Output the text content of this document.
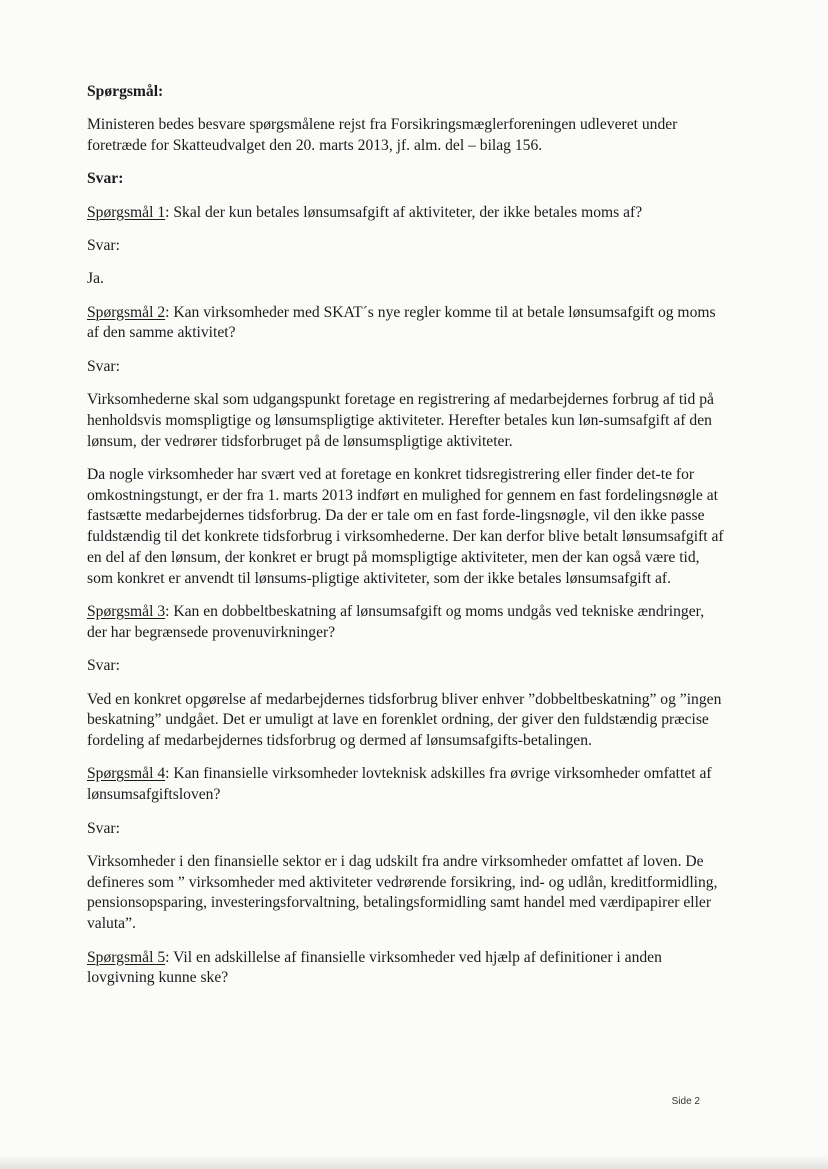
Spørgsmål:

Ministeren bedes besvare spørgsmålene rejst fra Forsikringsmæglerforeningen udleveret under foretræde for Skatteudvalget den 20. marts 2013, jf. alm. del – bilag 156.

Svar:

Spørgsmål 1: Skal der kun betales lønsumsafgift af aktiviteter, der ikke betales moms af?

Svar:

Ja.

Spørgsmål 2: Kan virksomheder med SKAT´s nye regler komme til at betale lønsumsafgift og moms af den samme aktivitet?

Svar:

Virksomhederne skal som udgangspunkt foretage en registrering af medarbejdernes forbrug af tid på henholdsvis momspligtige og lønsumspligtige aktiviteter. Herefter betales kun løn-sumsafgift af den lønsum, der vedrører tidsforbruget på de lønsumspligtige aktiviteter.

Da nogle virksomheder har svært ved at foretage en konkret tidsregistrering eller finder det-te for omkostningstungt, er der fra 1. marts 2013 indført en mulighed for gennem en fast fordelingsnøgle at fastsætte medarbejdernes tidsforbrug. Da der er tale om en fast forde-lingsnøgle, vil den ikke passe fuldstændig til det konkrete tidsforbrug i virksomhederne. Der kan derfor blive betalt lønsumsafgift af en del af den lønsum, der konkret er brugt på momspligtige aktiviteter, men der kan også være tid, som konkret er anvendt til lønsums-pligtige aktiviteter, som der ikke betales lønsumsafgift af.

Spørgsmål 3: Kan en dobbeltbeskatning af lønsumsafgift og moms undgås ved tekniske ændringer, der har begrænsede provenuvirkninger?

Svar:

Ved en konkret opgørelse af medarbejdernes tidsforbrug bliver enhver ”dobbeltbeskatning” og ”ingen beskatning” undgået. Det er umuligt at lave en forenklet ordning, der giver den fuldstændig præcise fordeling af medarbejdernes tidsforbrug og dermed af lønsumsafgifts-betalingen.

Spørgsmål 4: Kan finansielle virksomheder lovteknisk adskilles fra øvrige virksomheder omfattet af lønsumsafgiftsloven?

Svar:

Virksomheder i den finansielle sektor er i dag udskilt fra andre virksomheder omfattet af loven. De defineres som ” virksomheder med aktiviteter vedrørende forsikring, ind- og udlån, kreditformidling, pensionsopsparing, investeringsforvaltning, betalingsformidling samt handel med værdipapirer eller valuta”.

Spørgsmål 5: Vil en adskillelse af finansielle virksomheder ved hjælp af definitioner i anden lovgivning kunne ske?

Side 2
